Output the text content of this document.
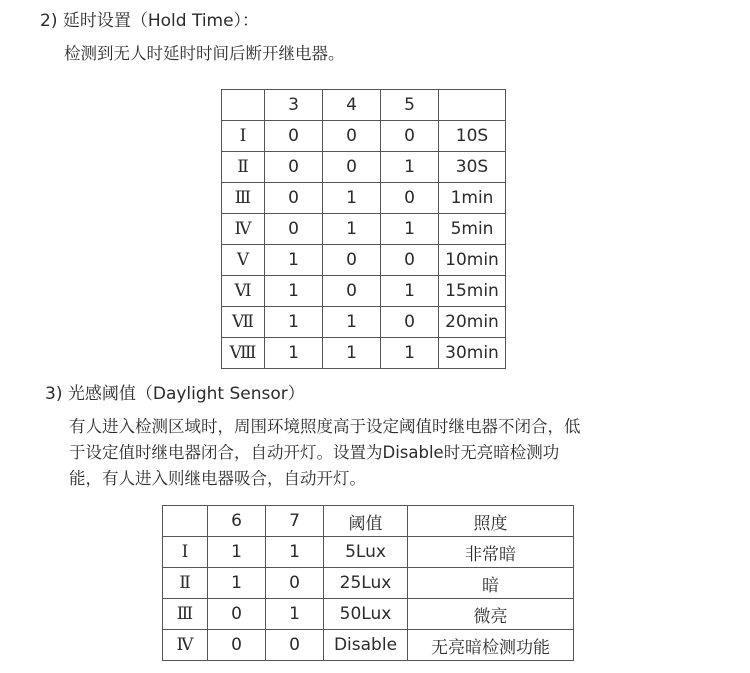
2) 延时设置（Hold Time）：
检测到无人时延时时间后断开继电器。
	3	4	5	
Ⅰ	0	0	0	10S
Ⅱ	0	0	1	30S
Ⅲ	0	1	0	1min
Ⅳ	0	1	1	5min
Ⅴ	1	0	0	10min
Ⅵ	1	0	1	15min
Ⅶ	1	1	0	20min
Ⅷ	1	1	1	30min
3) 光感阈值（Daylight Sensor）
有人进入检测区域时，周围环境照度高于设定阈值时继电器不闭合，低
于设定值时继电器闭合，自动开灯。设置为Disable时无亮暗检测功
能，有人进入则继电器吸合，自动开灯。
	6	7	阈值	照度
Ⅰ	1	1	5Lux	非常暗
Ⅱ	1	0	25Lux	暗
Ⅲ	0	1	50Lux	微亮
Ⅳ	0	0	Disable	无亮暗检测功能
